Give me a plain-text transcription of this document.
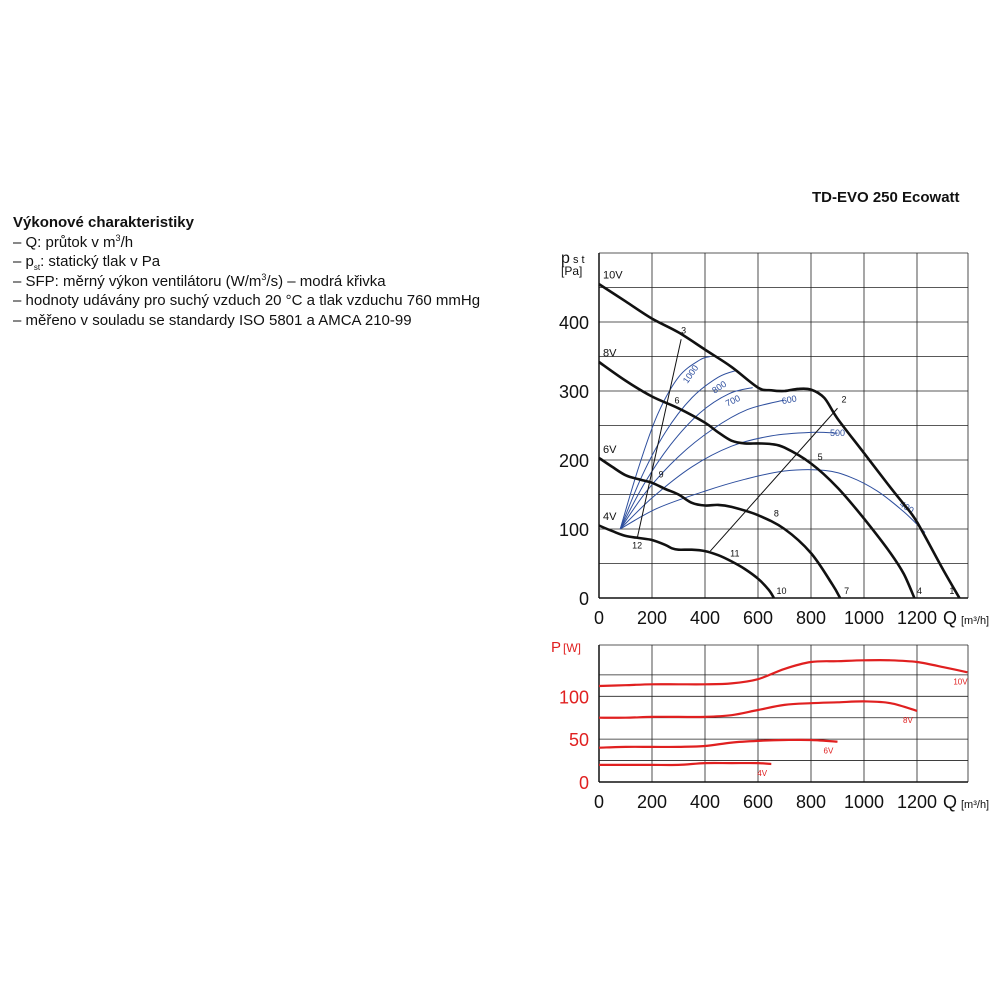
TD-EVO 250 Ecowatt
Výkonové charakteristiky
– Q: průtok v $m^3/h$
– $p_{st}$: statický tlak v Pa
– SFP: měrný výkon ventilátoru $(W/m^3/s)$ – modrá křivka
– hodnoty udávány pro suchý vzduch 20 °C a tlak vzduchu 760 mmHg
– měřeno v souladu se standardy ISO 5801 a AMCA 210-99
0 200 400 600 800 1000 1200
0
100
200
300
400
p s t
[Pa]
Q [m³/h]
1000
800
700	600
500
400
10V
8V
6V
4V
3
6
9
12
2
5
8
11
10	7	4	1
0 200 400 600 800 1000 1200
0
50
100
P [W]
Q [m³/h]
10V
8V
6V
4V
